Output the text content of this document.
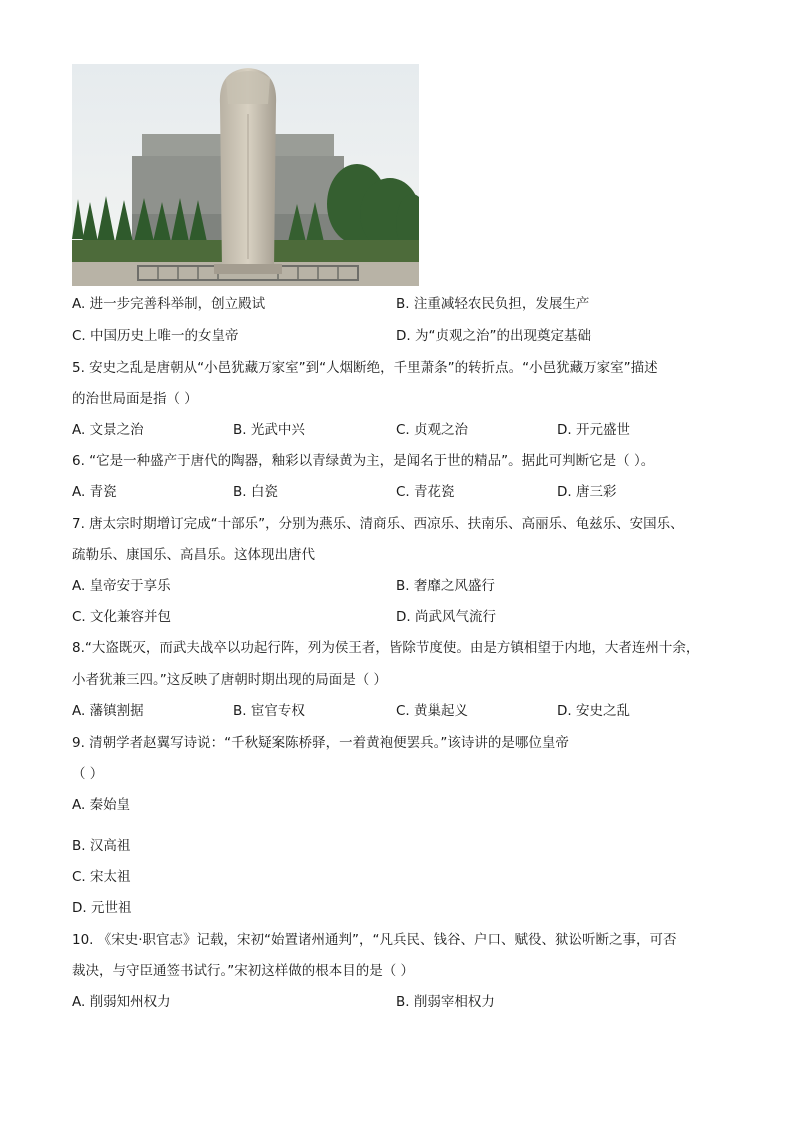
A. 进一步完善科举制，创立殿试	B. 注重减轻农民负担，发展生产
C. 中国历史上唯一的女皇帝	D. 为“贞观之治”的出现奠定基础
5. 安史之乱是唐朝从“小邑犹藏万家室”到“人烟断绝，千里萧条”的转折点。“小邑犹藏万家室”描述
的治世局面是指（ ）
A. 文景之治	B. 光武中兴	C. 贞观之治	D. 开元盛世
6. “它是一种盛产于唐代的陶器，釉彩以青绿黄为主，是闻名于世的精品”。据此可判断它是（ ）。
A. 青瓷	B. 白瓷	C. 青花瓷	D. 唐三彩
7. 唐太宗时期增订完成“十部乐”，分别为燕乐、清商乐、西凉乐、扶南乐、高丽乐、龟兹乐、安国乐、
疏勒乐、康国乐、高昌乐。这体现出唐代
A. 皇帝安于享乐	B. 奢靡之风盛行
C. 文化兼容并包	D. 尚武风气流行
8.“大盗既灭，而武夫战卒以功起行阵，列为侯王者，皆除节度使。由是方镇相望于内地，大者连州十余，
小者犹兼三四。”这反映了唐朝时期出现的局面是（ ）
A. 藩镇割据	B. 宦官专权	C. 黄巢起义	D. 安史之乱
9. 清朝学者赵翼写诗说：“千秋疑案陈桥驿，一着黄袍便罢兵。”该诗讲的是哪位皇帝
（ ）
A. 秦始皇
B. 汉高祖
C. 宋太祖
D. 元世祖
10. 《宋史·职官志》记载，宋初“始置诸州通判”，“凡兵民、钱谷、户口、赋役、狱讼听断之事，可否
裁决，与守臣通签书试行。”宋初这样做的根本目的是（ ）
A. 削弱知州权力	B. 削弱宰相权力
